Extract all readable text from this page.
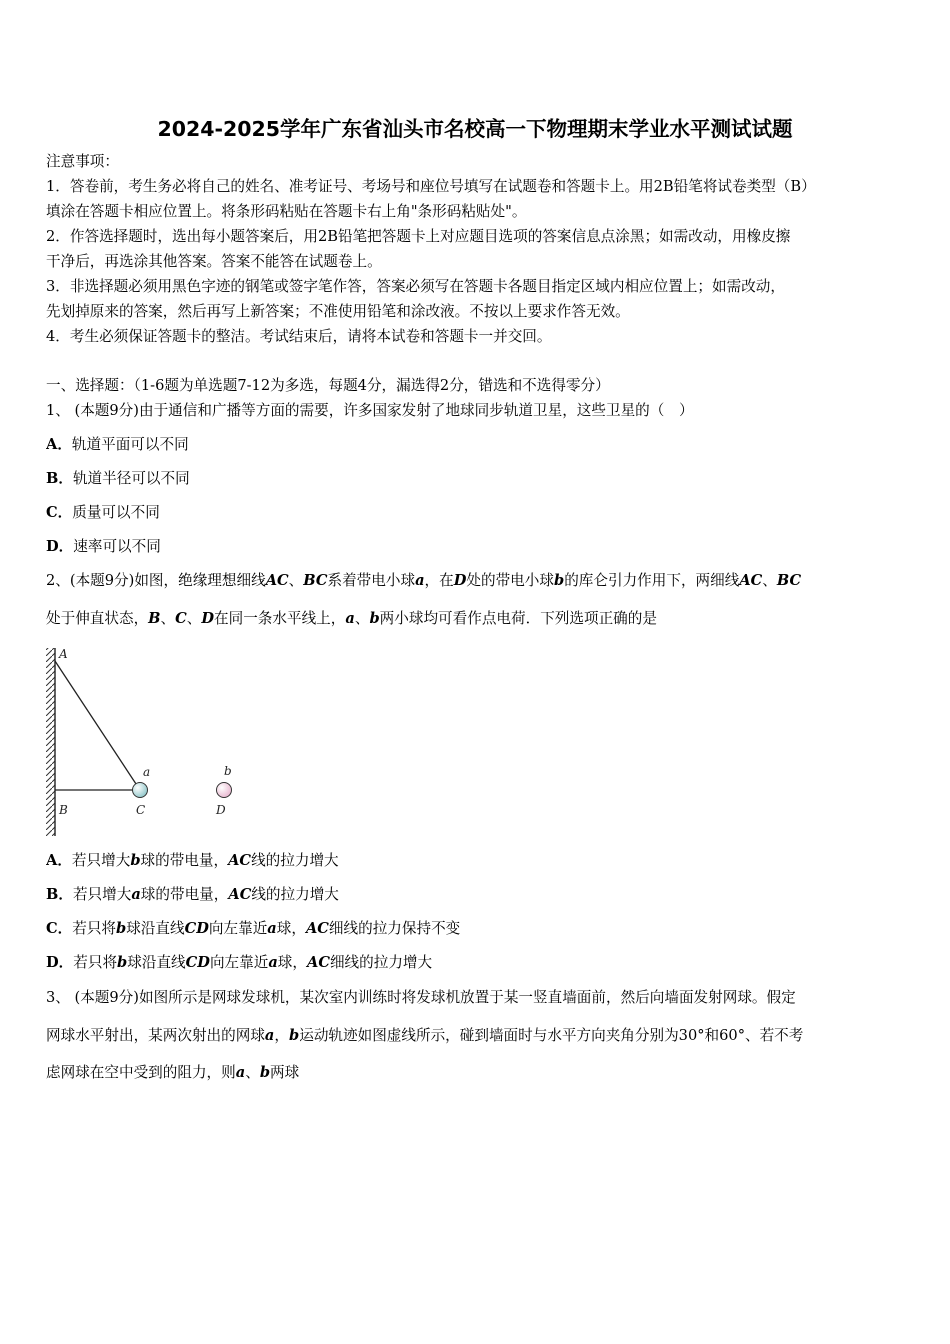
2024-2025学年广东省汕头市名校高一下物理期末学业水平测试试题
注意事项：
1．答卷前，考生务必将自己的姓名、准考证号、考场号和座位号填写在试题卷和答题卡上。用2B铅笔将试卷类型（B）
填涂在答题卡相应位置上。将条形码粘贴在答题卡右上角"条形码粘贴处"。
2．作答选择题时，选出每小题答案后，用2B铅笔把答题卡上对应题目选项的答案信息点涂黑；如需改动，用橡皮擦
干净后，再选涂其他答案。答案不能答在试题卷上。
3．非选择题必须用黑色字迹的钢笔或签字笔作答，答案必须写在答题卡各题目指定区域内相应位置上；如需改动，
先划掉原来的答案，然后再写上新答案；不准使用铅笔和涂改液。不按以上要求作答无效。
4．考生必须保证答题卡的整洁。考试结束后，请将本试卷和答题卡一并交回。
一、选择题：（1-6题为单选题7-12为多选，每题4分，漏选得2分，错选和不选得零分）
1、 (本题9分)由于通信和广播等方面的需要，许多国家发射了地球同步轨道卫星，这些卫星的（　）
A．轨道平面可以不同
B．轨道半径可以不同
C．质量可以不同
D．速率可以不同
2、(本题9分)如图，绝缘理想细线AC、BC系着带电小球a，在D处的带电小球b的库仑引力作用下，两细线AC、BC
处于伸直状态，B、C、D在同一条水平线上，a、b两小球均可看作点电荷．下列选项正确的是
A
B	C	D
a	b
A．若只增大b球的带电量，AC线的拉力增大
B．若只增大a球的带电量，AC线的拉力增大
C．若只将b球沿直线CD向左靠近a球，AC细线的拉力保持不变
D．若只将b球沿直线CD向左靠近a球，AC细线的拉力增大
3、 (本题9分)如图所示是网球发球机，某次室内训练时将发球机放置于某一竖直墙面前，然后向墙面发射网球。假定
网球水平射出，某两次射出的网球a，b运动轨迹如图虚线所示，碰到墙面时与水平方向夹角分别为30°和60°、若不考
虑网球在空中受到的阻力，则a、b两球
